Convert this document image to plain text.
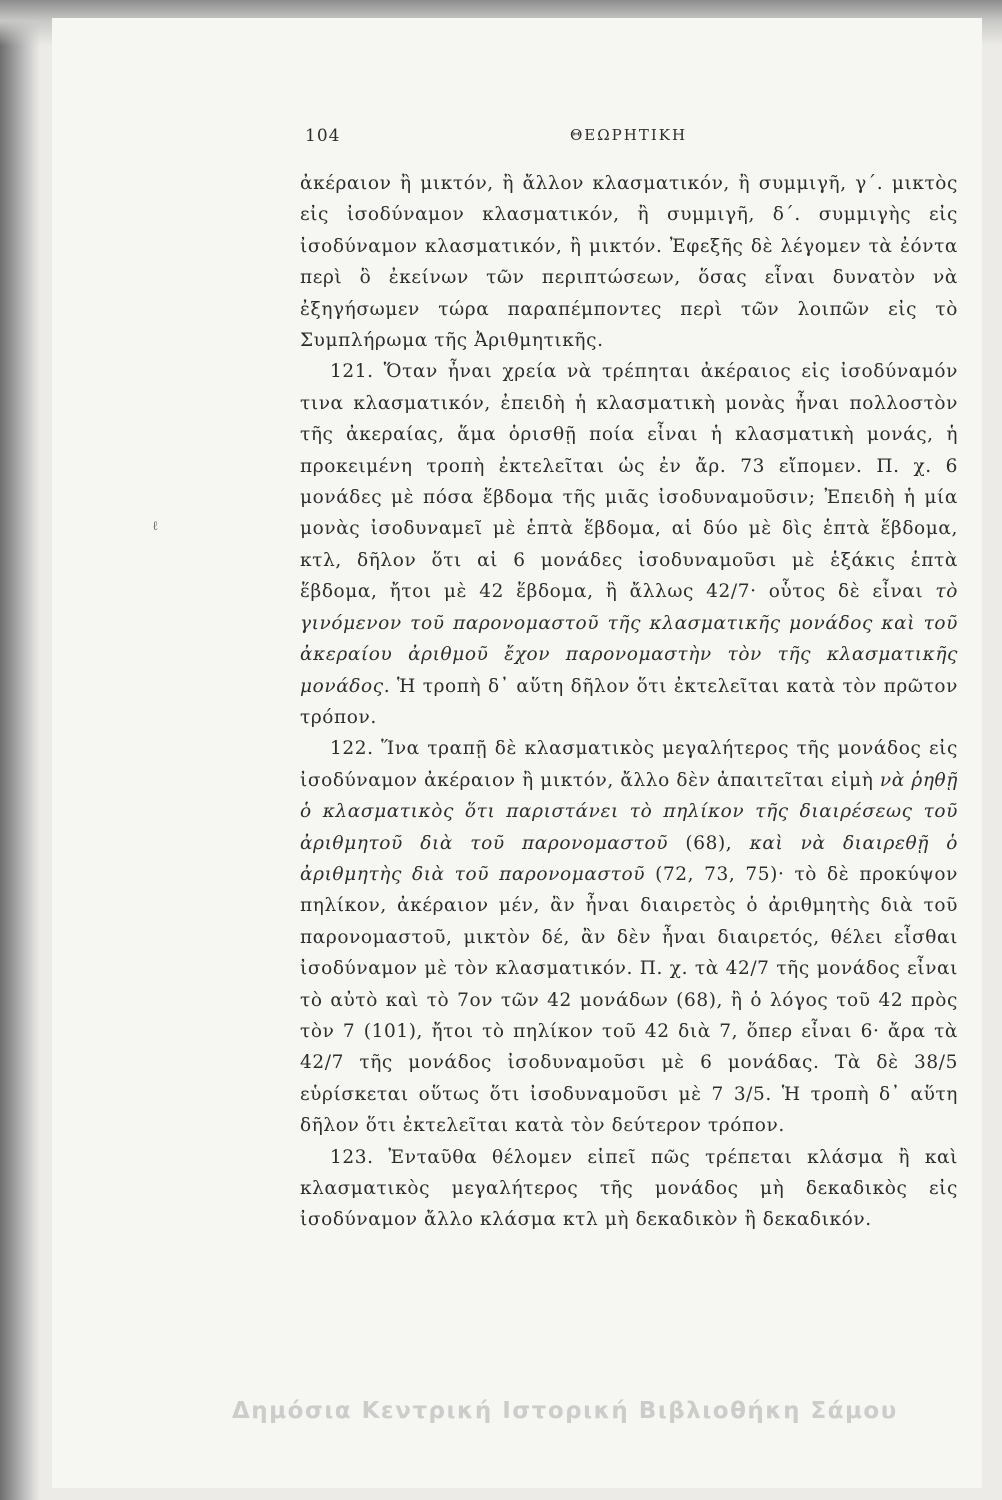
104	ΘΕΩΡΗΤΙΚΗ
ℓ

ἀκέραιον ἢ μικτόν, ἢ ἄλλον κλασματικόν, ἢ συμμιγῆ, γ΄. μικτὸς εἰς ἰσοδύναμον κλασματικόν, ἢ συμμιγῆ, δ΄. συμμιγὴς εἰς ἰσοδύναμον κλασματικόν, ἢ μικτόν. Ἐφεξῆς δὲ λέγομεν τὰ ἐόντα περὶ ὃ ἐκείνων τῶν περιπτώσεων, ὅσας εἶναι δυνατὸν νὰ ἐξηγήσωμεν τώρα παραπέμποντες περὶ τῶν λοιπῶν εἰς τὸ Συμπλήρωμα τῆς Ἀριθμητικῆς.

121. Ὅταν ἦναι χρεία νὰ τρέπηται ἀκέραιος εἰς ἰσοδύναμόν τινα κλασματικόν, ἐπειδὴ ἡ κλασματικὴ μονὰς ἦναι πολλοστὸν τῆς ἀκεραίας, ἅμα ὁρισθῇ ποία εἶναι ἡ κλασματικὴ μονάς, ἡ προκειμένη τροπὴ ἐκτελεῖται ὡς ἐν ἄρ. 73 εἴπομεν. Π. χ. 6 μονάδες μὲ πόσα ἕβδομα τῆς μιᾶς ἰσοδυναμοῦσιν; Ἐπειδὴ ἡ μία μονὰς ἰσοδυναμεῖ μὲ ἑπτὰ ἕβδομα, αἱ δύο μὲ δὶς ἑπτὰ ἕβδομα, κτλ, δῆλον ὅτι αἱ 6 μονάδες ἰσοδυναμοῦσι μὲ ἑξάκις ἑπτὰ ἕβδομα, ἤτοι μὲ 42 ἕβδομα, ἢ ἄλλως 42/7· οὗτος δὲ εἶναι τὸ γινόμενον τοῦ παρονομαστοῦ τῆς κλασματικῆς μονάδος καὶ τοῦ ἀκεραίου ἀριθμοῦ ἔχον παρονομαστὴν τὸν τῆς κλασματικῆς μονάδος. Ἡ τροπὴ δ᾿ αὕτη δῆλον ὅτι ἐκτελεῖται κατὰ τὸν πρῶτον τρόπον.

122. Ἵνα τραπῇ δὲ κλασματικὸς μεγαλήτερος τῆς μονάδος εἰς ἰσοδύναμον ἀκέραιον ἢ μικτόν, ἄλλο δὲν ἀπαιτεῖται εἰμὴ νὰ ῥηθῇ ὁ κλασματικὸς ὅτι παριστάνει τὸ πηλίκον τῆς διαιρέσεως τοῦ ἀριθμητοῦ διὰ τοῦ παρονομαστοῦ (68), καὶ νὰ διαιρεθῇ ὁ ἀριθμητὴς διὰ τοῦ παρονομαστοῦ (72, 73, 75)· τὸ δὲ προκύψον πηλίκον, ἀκέραιον μέν, ἂν ἦναι διαιρετὸς ὁ ἀριθμητὴς διὰ τοῦ παρονομαστοῦ, μικτὸν δέ, ἂν δὲν ἦναι διαιρετός, θέλει εἶσθαι ἰσοδύναμον μὲ τὸν κλασματικόν. Π. χ. τὰ 42/7 τῆς μονάδος εἶναι τὸ αὐτὸ καὶ τὸ 7ον τῶν 42 μονάδων (68), ἢ ὁ λόγος τοῦ 42 πρὸς τὸν 7 (101), ἤτοι τὸ πηλίκον τοῦ 42 διὰ 7, ὅπερ εἶναι 6· ἄρα τὰ 42/7 τῆς μονάδος ἰσοδυναμοῦσι μὲ 6 μονάδας. Τὰ δὲ 38/5 εὑρίσκεται οὕτως ὅτι ἰσοδυναμοῦσι μὲ 7 3/5. Ἡ τροπὴ δ᾿ αὕτη δῆλον ὅτι ἐκτελεῖται κατὰ τὸν δεύτερον τρόπον.

123. Ἐνταῦθα θέλομεν εἰπεῖ πῶς τρέπεται κλάσμα ἢ καὶ κλασματικὸς μεγαλήτερος τῆς μονάδος μὴ δεκαδικὸς εἰς ἰσοδύναμον ἄλλο κλάσμα κτλ μὴ δεκαδικὸν ἢ δεκαδικόν.

Δημόσια Κεντρική Ιστορική Βιβλιοθήκη Σάμου
